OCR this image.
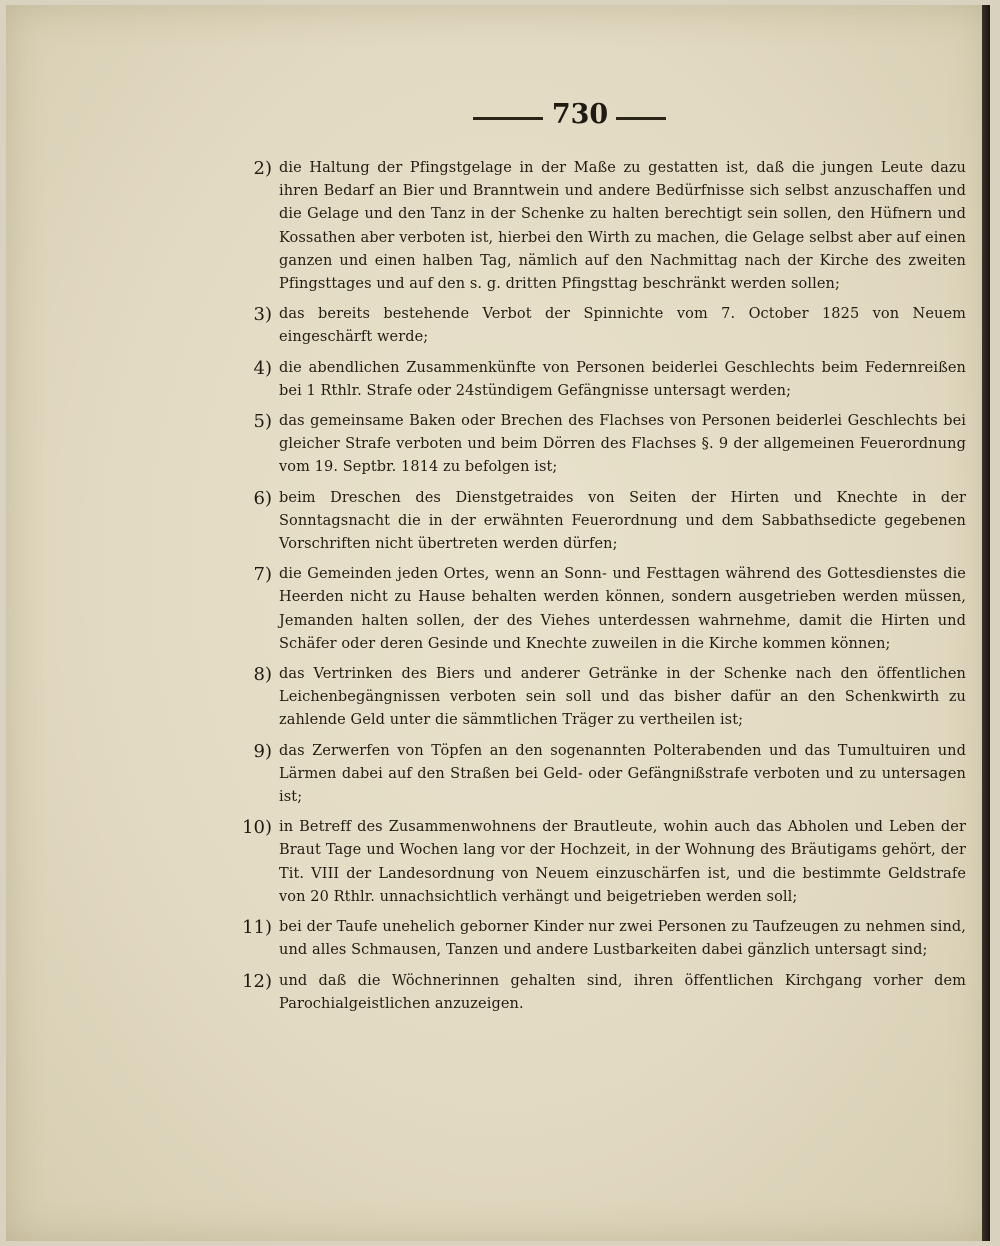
730
2) die Haltung der Pfingstgelage in der Maße zu gestatten ist, daß die jungen Leute dazu ihren Bedarf an Bier und Branntwein und andere Bedürfnisse sich selbst anzuschaffen und die Gelage und den Tanz in der Schenke zu halten berechtigt sein sollen, den Hüfnern und Kossathen aber verboten ist, hierbei den Wirth zu machen, die Gelage selbst aber auf einen ganzen und einen halben Tag, nämlich auf den Nachmittag nach der Kirche des zweiten Pfingsttages und auf den s. g. dritten Pfingsttag beschränkt werden sollen;
3) das bereits bestehende Verbot der Spinnichte vom 7. October 1825 von Neuem eingeschärft werde;
4) die abendlichen Zusammenkünfte von Personen beiderlei Geschlechts beim Federnreißen bei 1 Rthlr. Strafe oder 24stündigem Gefängnisse untersagt werden;
5) das gemeinsame Baken oder Brechen des Flachses von Personen beiderlei Geschlechts bei gleicher Strafe verboten und beim Dörren des Flachses §. 9 der allgemeinen Feuerordnung vom 19. Septbr. 1814 zu befolgen ist;
6) beim Dreschen des Dienstgetraides von Seiten der Hirten und Knechte in der Sonntagsnacht die in der erwähnten Feuerordnung und dem Sabbathsedicte gegebenen Vorschriften nicht übertreten werden dürfen;
7) die Gemeinden jeden Ortes, wenn an Sonn- und Festtagen während des Gottesdienstes die Heerden nicht zu Hause behalten werden können, sondern ausgetrieben werden müssen, Jemanden halten sollen, der des Viehes unterdessen wahrnehme, damit die Hirten und Schäfer oder deren Gesinde und Knechte zuweilen in die Kirche kommen können;
8) das Vertrinken des Biers und anderer Getränke in der Schenke nach den öffentlichen Leichenbegängnissen verboten sein soll und das bisher dafür an den Schenkwirth zu zahlende Geld unter die sämmtlichen Träger zu vertheilen ist;
9) das Zerwerfen von Töpfen an den sogenannten Polterabenden und das Tumultuiren und Lärmen dabei auf den Straßen bei Geld- oder Gefängnißstrafe verboten und zu untersagen ist;
10) in Betreff des Zusammenwohnens der Brautleute, wohin auch das Abholen und Leben der Braut Tage und Wochen lang vor der Hochzeit, in der Wohnung des Bräutigams gehört, der Tit. VIII der Landesordnung von Neuem einzuschärfen ist, und die bestimmte Geldstrafe von 20 Rthlr. unnachsichtlich verhängt und beigetrieben werden soll;
11) bei der Taufe unehelich geborner Kinder nur zwei Personen zu Taufzeugen zu nehmen sind, und alles Schmausen, Tanzen und andere Lustbarkeiten dabei gänzlich untersagt sind;
12) und daß die Wöchnerinnen gehalten sind, ihren öffentlichen Kirchgang vorher dem Parochialgeistlichen anzuzeigen.
